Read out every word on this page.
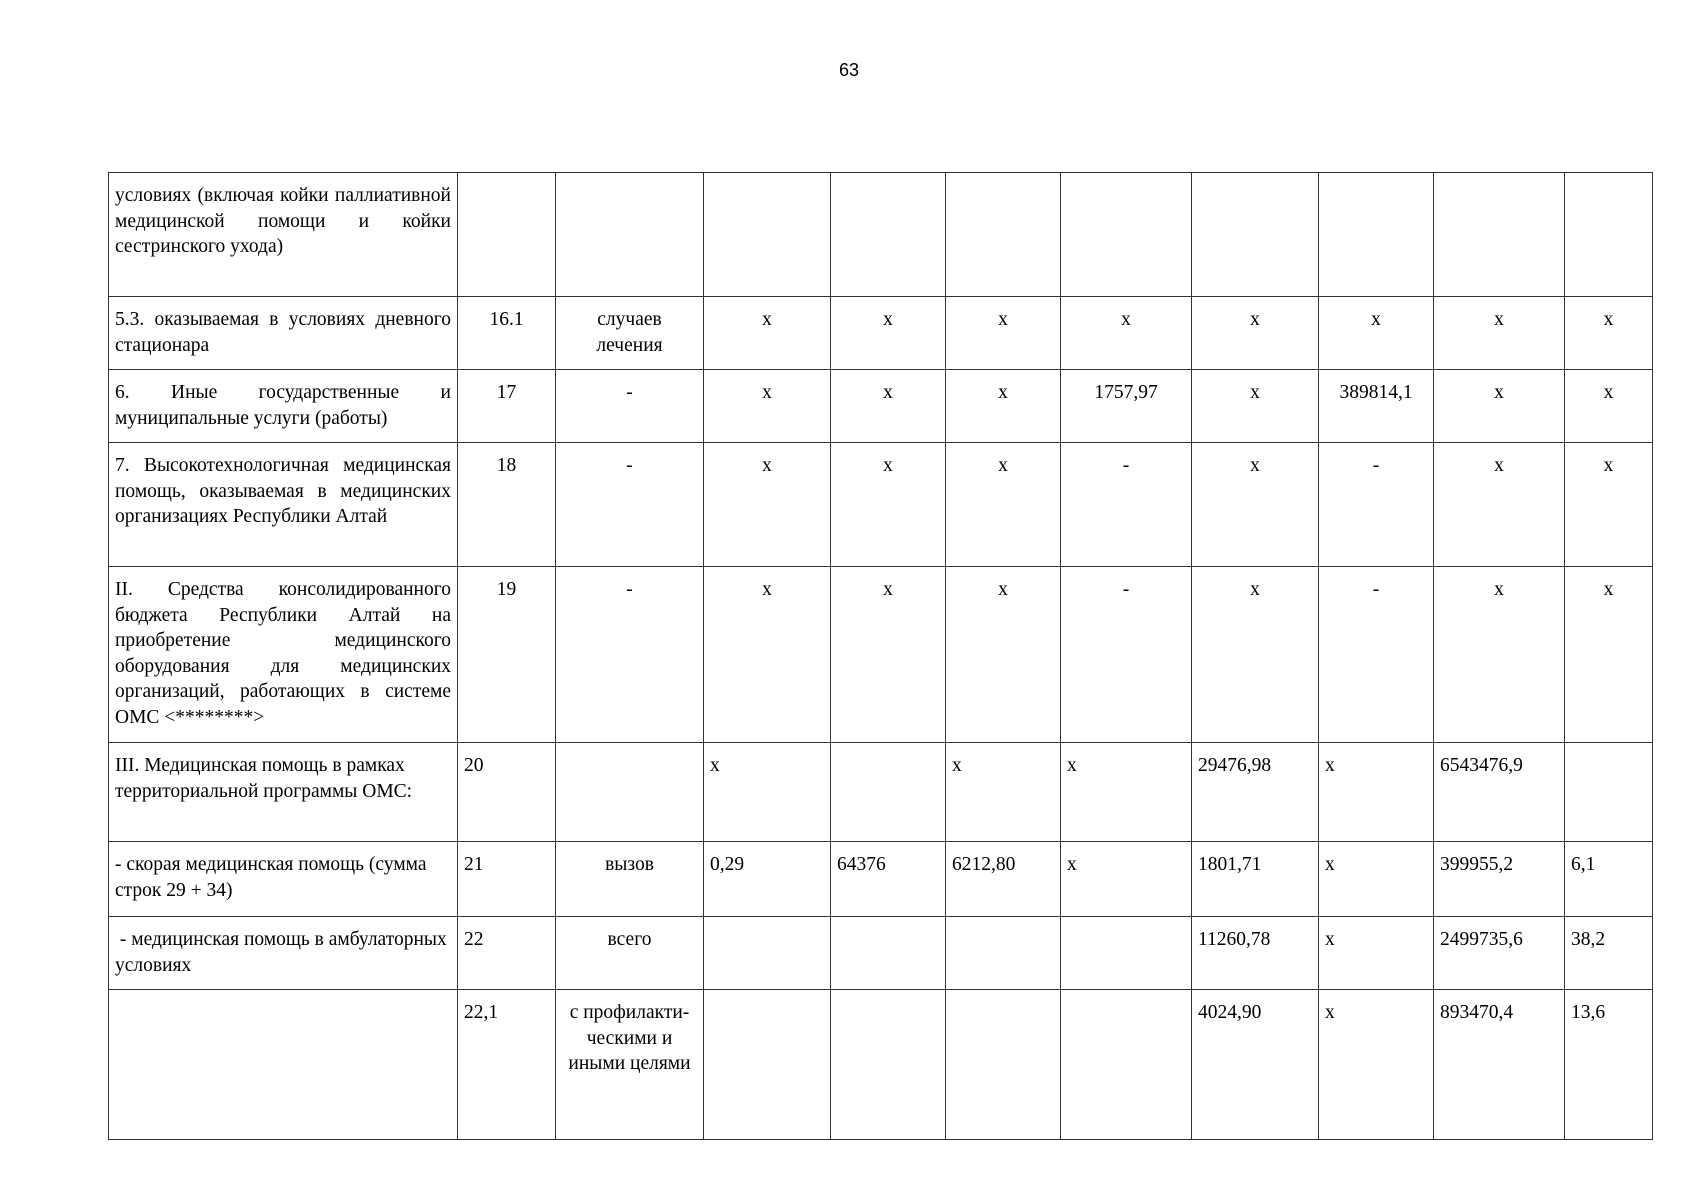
63
условиях (включая койки паллиативной медицинской помощи и койки сестринского ухода)										
5.3. оказываемая в условиях дневного стационара	16.1	случаев лечения	х	х	х	х	х	х	х	х
6. Иные государственные и муниципальные услуги (работы)	17	-	х	х	х	1757,97	х	389814,1	х	х
7. Высокотехнологичная медицинская помощь, оказываемая в медицинских организациях Республики Алтай	18	-	х	х	х	-	х	-	х	х
II. Средства консолидированного бюджета Республики Алтай на приобретение медицинского оборудования для медицинских организаций, работающих в системе ОМС <********>	19	-	х	х	х	-	х	-	х	х
III. Медицинская помощь в рамках территориальной программы ОМС:	20		х		х	х	29476,98	х	6543476,9	
- скорая медицинская помощь (сумма строк 29 + 34)	21	вызов	0,29	64376	6212,80	х	1801,71	х	399955,2	6,1
- медицинская помощь в амбулаторных условиях	22	всего					11260,78	х	2499735,6	38,2
	22,1	с профилакти-ческими и иными целями					4024,90	х	893470,4	13,6
